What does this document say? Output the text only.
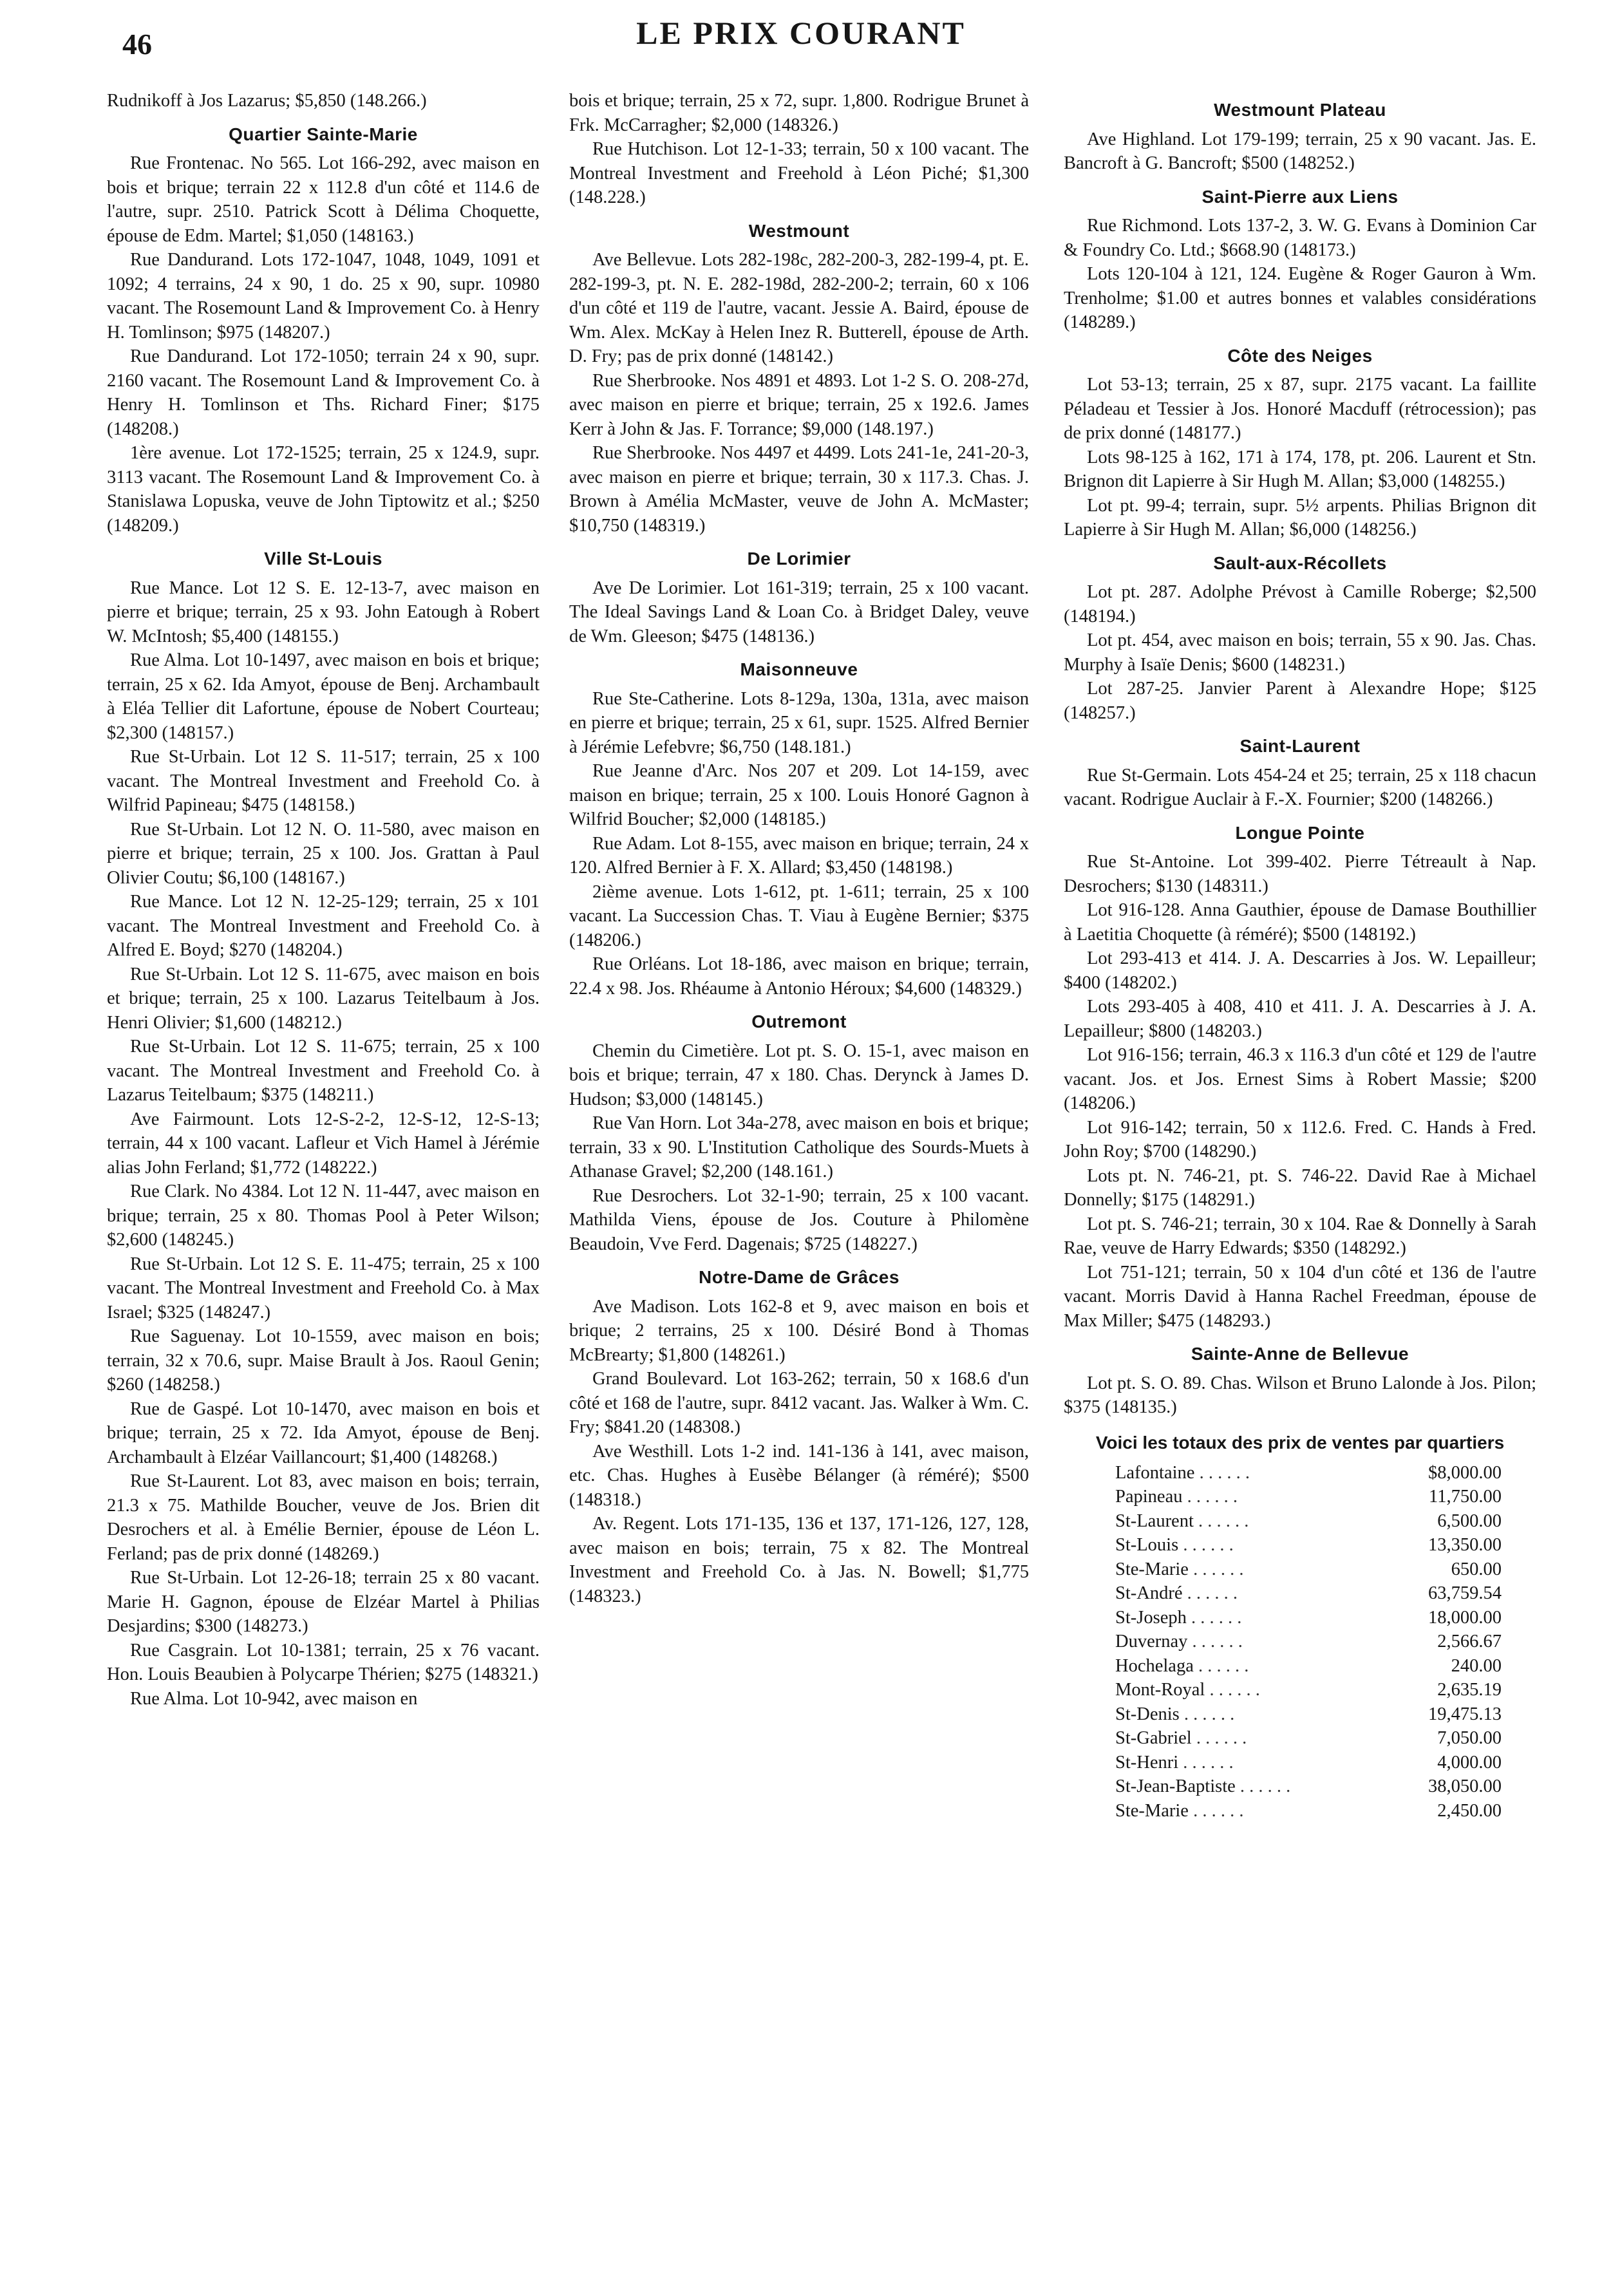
46	LE PRIX COURANT

Rudnikoff à Jos Lazarus; $5,850 (148.266.)

Quartier Sainte-Marie

Rue Frontenac. No 565. Lot 166-292, avec maison en bois et brique; terrain 22 x 112.8 d'un côté et 114.6 de l'autre, supr. 2510. Patrick Scott à Délima Choquette, épouse de Edm. Martel; $1,050 (148163.)

Rue Dandurand. Lots 172-1047, 1048, 1049, 1091 et 1092; 4 terrains, 24 x 90, 1 do. 25 x 90, supr. 10980 vacant. The Rosemount Land & Improvement Co. à Henry H. Tomlinson; $975 (148207.)

Rue Dandurand. Lot 172-1050; terrain 24 x 90, supr. 2160 vacant. The Rosemount Land & Improvement Co. à Henry H. Tomlinson et Ths. Richard Finer; $175 (148208.)

1ère avenue. Lot 172-1525; terrain, 25 x 124.9, supr. 3113 vacant. The Rosemount Land & Improvement Co. à Stanislawa Lopuska, veuve de John Tiptowitz et al.; $250 (148209.)

Ville St-Louis

Rue Mance. Lot 12 S. E. 12-13-7, avec maison en pierre et brique; terrain, 25 x 93. John Eatough à Robert W. McIntosh; $5,400 (148155.)

Rue Alma. Lot 10-1497, avec maison en bois et brique; terrain, 25 x 62. Ida Amyot, épouse de Benj. Archambault à Eléa Tellier dit Lafortune, épouse de Nobert Courteau; $2,300 (148157.)

Rue St-Urbain. Lot 12 S. 11-517; terrain, 25 x 100 vacant. The Montreal Investment and Freehold Co. à Wilfrid Papineau; $475 (148158.)

Rue St-Urbain. Lot 12 N. O. 11-580, avec maison en pierre et brique; terrain, 25 x 100. Jos. Grattan à Paul Olivier Coutu; $6,100 (148167.)

Rue Mance. Lot 12 N. 12-25-129; terrain, 25 x 101 vacant. The Montreal Investment and Freehold Co. à Alfred E. Boyd; $270 (148204.)

Rue St-Urbain. Lot 12 S. 11-675, avec maison en bois et brique; terrain, 25 x 100. Lazarus Teitelbaum à Jos. Henri Olivier; $1,600 (148212.)

Rue St-Urbain. Lot 12 S. 11-675; terrain, 25 x 100 vacant. The Montreal Investment and Freehold Co. à Lazarus Teitelbaum; $375 (148211.)

Ave Fairmount. Lots 12-S-2-2, 12-S-12, 12-S-13; terrain, 44 x 100 vacant. Lafleur et Vich Hamel à Jérémie alias John Ferland; $1,772 (148222.)

Rue Clark. No 4384. Lot 12 N. 11-447, avec maison en brique; terrain, 25 x 80. Thomas Pool à Peter Wilson; $2,600 (148245.)

Rue St-Urbain. Lot 12 S. E. 11-475; terrain, 25 x 100 vacant. The Montreal Investment and Freehold Co. à Max Israel; $325 (148247.)

Rue Saguenay. Lot 10-1559, avec maison en bois; terrain, 32 x 70.6, supr. Maise Brault à Jos. Raoul Genin; $260 (148258.)

Rue de Gaspé. Lot 10-1470, avec maison en bois et brique; terrain, 25 x 72. Ida Amyot, épouse de Benj. Archambault à Elzéar Vaillancourt; $1,400 (148268.)

Rue St-Laurent. Lot 83, avec maison en bois; terrain, 21.3 x 75. Mathilde Boucher, veuve de Jos. Brien dit Desrochers et al. à Emélie Bernier, épouse de Léon L. Ferland; pas de prix donné (148269.)

Rue St-Urbain. Lot 12-26-18; terrain 25 x 80 vacant. Marie H. Gagnon, épouse de Elzéar Martel à Philias Desjardins; $300 (148273.)

Rue Casgrain. Lot 10-1381; terrain, 25 x 76 vacant. Hon. Louis Beaubien à Polycarpe Thérien; $275 (148321.)

Rue Alma. Lot 10-942, avec maison en

bois et brique; terrain, 25 x 72, supr. 1,800. Rodrigue Brunet à Frk. McCarragher; $2,000 (148326.)

Rue Hutchison. Lot 12-1-33; terrain, 50 x 100 vacant. The Montreal Investment and Freehold à Léon Piché; $1,300 (148.228.)

Westmount

Ave Bellevue. Lots 282-198c, 282-200-3, 282-199-4, pt. E. 282-199-3, pt. N. E. 282-198d, 282-200-2; terrain, 60 x 106 d'un côté et 119 de l'autre, vacant. Jessie A. Baird, épouse de Wm. Alex. McKay à Helen Inez R. Butterell, épouse de Arth. D. Fry; pas de prix donné (148142.)

Rue Sherbrooke. Nos 4891 et 4893. Lot 1-2 S. O. 208-27d, avec maison en pierre et brique; terrain, 25 x 192.6. James Kerr à John & Jas. F. Torrance; $9,000 (148.197.)

Rue Sherbrooke. Nos 4497 et 4499. Lots 241-1e, 241-20-3, avec maison en pierre et brique; terrain, 30 x 117.3. Chas. J. Brown à Amélia McMaster, veuve de John A. McMaster; $10,750 (148319.)

De Lorimier

Ave De Lorimier. Lot 161-319; terrain, 25 x 100 vacant. The Ideal Savings Land & Loan Co. à Bridget Daley, veuve de Wm. Gleeson; $475 (148136.)

Maisonneuve

Rue Ste-Catherine. Lots 8-129a, 130a, 131a, avec maison en pierre et brique; terrain, 25 x 61, supr. 1525. Alfred Bernier à Jérémie Lefebvre; $6,750 (148.181.)

Rue Jeanne d'Arc. Nos 207 et 209. Lot 14-159, avec maison en brique; terrain, 25 x 100. Louis Honoré Gagnon à Wilfrid Boucher; $2,000 (148185.)

Rue Adam. Lot 8-155, avec maison en brique; terrain, 24 x 120. Alfred Bernier à F. X. Allard; $3,450 (148198.)

2ième avenue. Lots 1-612, pt. 1-611; terrain, 25 x 100 vacant. La Succession Chas. T. Viau à Eugène Bernier; $375 (148206.)

Rue Orléans. Lot 18-186, avec maison en brique; terrain, 22.4 x 98. Jos. Rhéaume à Antonio Héroux; $4,600 (148329.)

Outremont

Chemin du Cimetière. Lot pt. S. O. 15-1, avec maison en bois et brique; terrain, 47 x 180. Chas. Derynck à James D. Hudson; $3,000 (148145.)

Rue Van Horn. Lot 34a-278, avec maison en bois et brique; terrain, 33 x 90. L'Institution Catholique des Sourds-Muets à Athanase Gravel; $2,200 (148.161.)

Rue Desrochers. Lot 32-1-90; terrain, 25 x 100 vacant. Mathilda Viens, épouse de Jos. Couture à Philomène Beaudoin, Vve Ferd. Dagenais; $725 (148227.)

Notre-Dame de Grâces

Ave Madison. Lots 162-8 et 9, avec maison en bois et brique; 2 terrains, 25 x 100. Désiré Bond à Thomas McBrearty; $1,800 (148261.)

Grand Boulevard. Lot 163-262; terrain, 50 x 168.6 d'un côté et 168 de l'autre, supr. 8412 vacant. Jas. Walker à Wm. C. Fry; $841.20 (148308.)

Ave Westhill. Lots 1-2 ind. 141-136 à 141, avec maison, etc. Chas. Hughes à Eusèbe Bélanger (à réméré); $500 (148318.)

Av. Regent. Lots 171-135, 136 et 137, 171-126, 127, 128, avec maison en bois; terrain, 75 x 82. The Montreal Investment and Freehold Co. à Jas. N. Bowell; $1,775 (148323.)

Westmount Plateau

Ave Highland. Lot 179-199; terrain, 25 x 90 vacant. Jas. E. Bancroft à G. Bancroft; $500 (148252.)

Saint-Pierre aux Liens

Rue Richmond. Lots 137-2, 3. W. G. Evans à Dominion Car & Foundry Co. Ltd.; $668.90 (148173.)

Lots 120-104 à 121, 124. Eugène & Roger Gauron à Wm. Trenholme; $1.00 et autres bonnes et valables considérations (148289.)

Côte des Neiges

Lot 53-13; terrain, 25 x 87, supr. 2175 vacant. La faillite Péladeau et Tessier à Jos. Honoré Macduff (rétrocession); pas de prix donné (148177.)

Lots 98-125 à 162, 171 à 174, 178, pt. 206. Laurent et Stn. Brignon dit Lapierre à Sir Hugh M. Allan; $3,000 (148255.)

Lot pt. 99-4; terrain, supr. 5½ arpents. Philias Brignon dit Lapierre à Sir Hugh M. Allan; $6,000 (148256.)

Sault-aux-Récollets

Lot pt. 287. Adolphe Prévost à Camille Roberge; $2,500 (148194.)

Lot pt. 454, avec maison en bois; terrain, 55 x 90. Jas. Chas. Murphy à Isaïe Denis; $600 (148231.)

Lot 287-25. Janvier Parent à Alexandre Hope; $125 (148257.)

Saint-Laurent

Rue St-Germain. Lots 454-24 et 25; terrain, 25 x 118 chacun vacant. Rodrigue Auclair à F.-X. Fournier; $200 (148266.)

Longue Pointe

Rue St-Antoine. Lot 399-402. Pierre Tétreault à Nap. Desrochers; $130 (148311.)

Lot 916-128. Anna Gauthier, épouse de Damase Bouthillier à Laetitia Choquette (à réméré); $500 (148192.)

Lot 293-413 et 414. J. A. Descarries à Jos. W. Lepailleur; $400 (148202.)

Lots 293-405 à 408, 410 et 411. J. A. Descarries à J. A. Lepailleur; $800 (148203.)

Lot 916-156; terrain, 46.3 x 116.3 d'un côté et 129 de l'autre vacant. Jos. et Jos. Ernest Sims à Robert Massie; $200 (148206.)

Lot 916-142; terrain, 50 x 112.6. Fred. C. Hands à Fred. John Roy; $700 (148290.)

Lots pt. N. 746-21, pt. S. 746-22. David Rae à Michael Donnelly; $175 (148291.)

Lot pt. S. 746-21; terrain, 30 x 104. Rae & Donnelly à Sarah Rae, veuve de Harry Edwards; $350 (148292.)

Lot 751-121; terrain, 50 x 104 d'un côté et 136 de l'autre vacant. Morris David à Hanna Rachel Freedman, épouse de Max Miller; $475 (148293.)

Sainte-Anne de Bellevue

Lot pt. S. O. 89. Chas. Wilson et Bruno Lalonde à Jos. Pilon; $375 (148135.)

Voici les totaux des prix de ventes par quartiers
Lafontaine . . . . . .	$8,000.00
Papineau . . . . . .	11,750.00
St-Laurent . . . . . .	6,500.00
St-Louis . . . . . .	13,350.00
Ste-Marie . . . . . .	650.00
St-André . . . . . .	63,759.54
St-Joseph . . . . . .	18,000.00
Duvernay . . . . . .	2,566.67
Hochelaga . . . . . .	240.00
Mont-Royal . . . . . .	2,635.19
St-Denis . . . . . .	19,475.13
St-Gabriel . . . . . .	7,050.00
St-Henri . . . . . .	4,000.00
St-Jean-Baptiste . . . . . .	38,050.00
Ste-Marie . . . . . .	2,450.00
